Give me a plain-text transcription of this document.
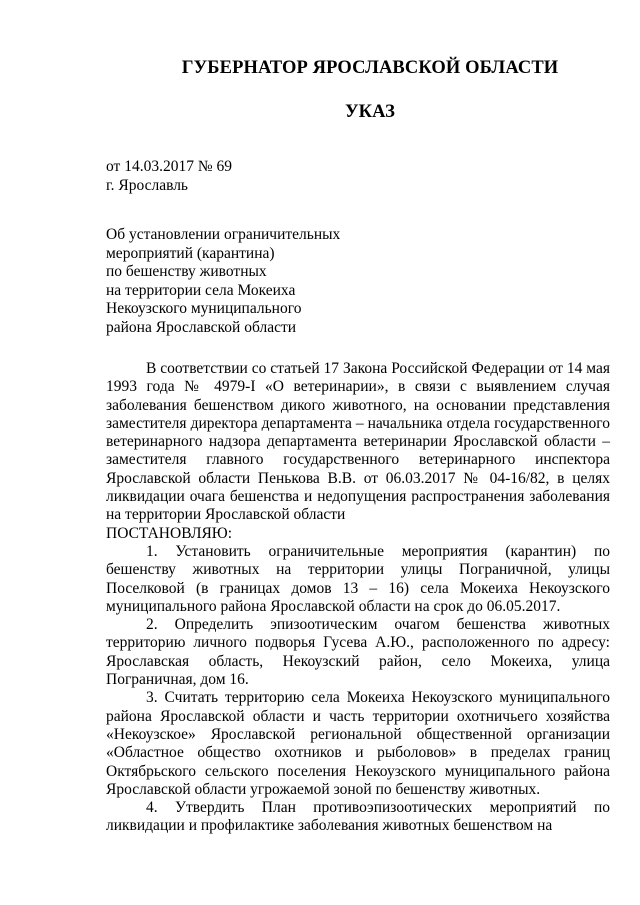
ГУБЕРНАТОР ЯРОСЛАВСКОЙ ОБЛАСТИ
УКАЗ
от 14.03.2017 № 69
г. Ярославль
Об установлении ограничительных
мероприятий (карантина)
по бешенству животных
на территории села Мокеиха
Некоузского муниципального
района Ярославской области

В соответствии со статьей 17 Закона Российской Федерации от 14 мая 1993 года № 4979-I «О ветеринарии», в связи с выявлением случая заболевания бешенством дикого животного, на основании представления заместителя директора департамента – начальника отдела государственного ветеринарного надзора департамента ветеринарии Ярославской области – заместителя главного государственного ветеринарного инспектора Ярославской области Пенькова В.В. от 06.03.2017 № 04-16/82, в целях ликвидации очага бешенства и недопущения распространения заболевания на территории Ярославской области

ПОСТАНОВЛЯЮ:

1. Установить ограничительные мероприятия (карантин) по бешенству животных на территории улицы Пограничной, улицы Поселковой (в границах домов 13 – 16) села Мокеиха Некоузского муниципального района Ярославской области на срок до 06.05.2017.

2. Определить эпизоотическим очагом бешенства животных территорию личного подворья Гусева А.Ю., расположенного по адресу: Ярославская область, Некоузский район, село Мокеиха, улица Пограничная, дом 16.

3. Считать территорию села Мокеиха Некоузского муниципального района Ярославской области и часть территории охотничьего хозяйства «Некоузское» Ярославской региональной общественной организации «Областное общество охотников и рыболовов» в пределах границ Октябрьского сельского поселения Некоузского муниципального района Ярославской области угрожаемой зоной по бешенству животных.

4. Утвердить План противоэпизоотических мероприятий по ликвидации и профилактике заболевания животных бешенством на
